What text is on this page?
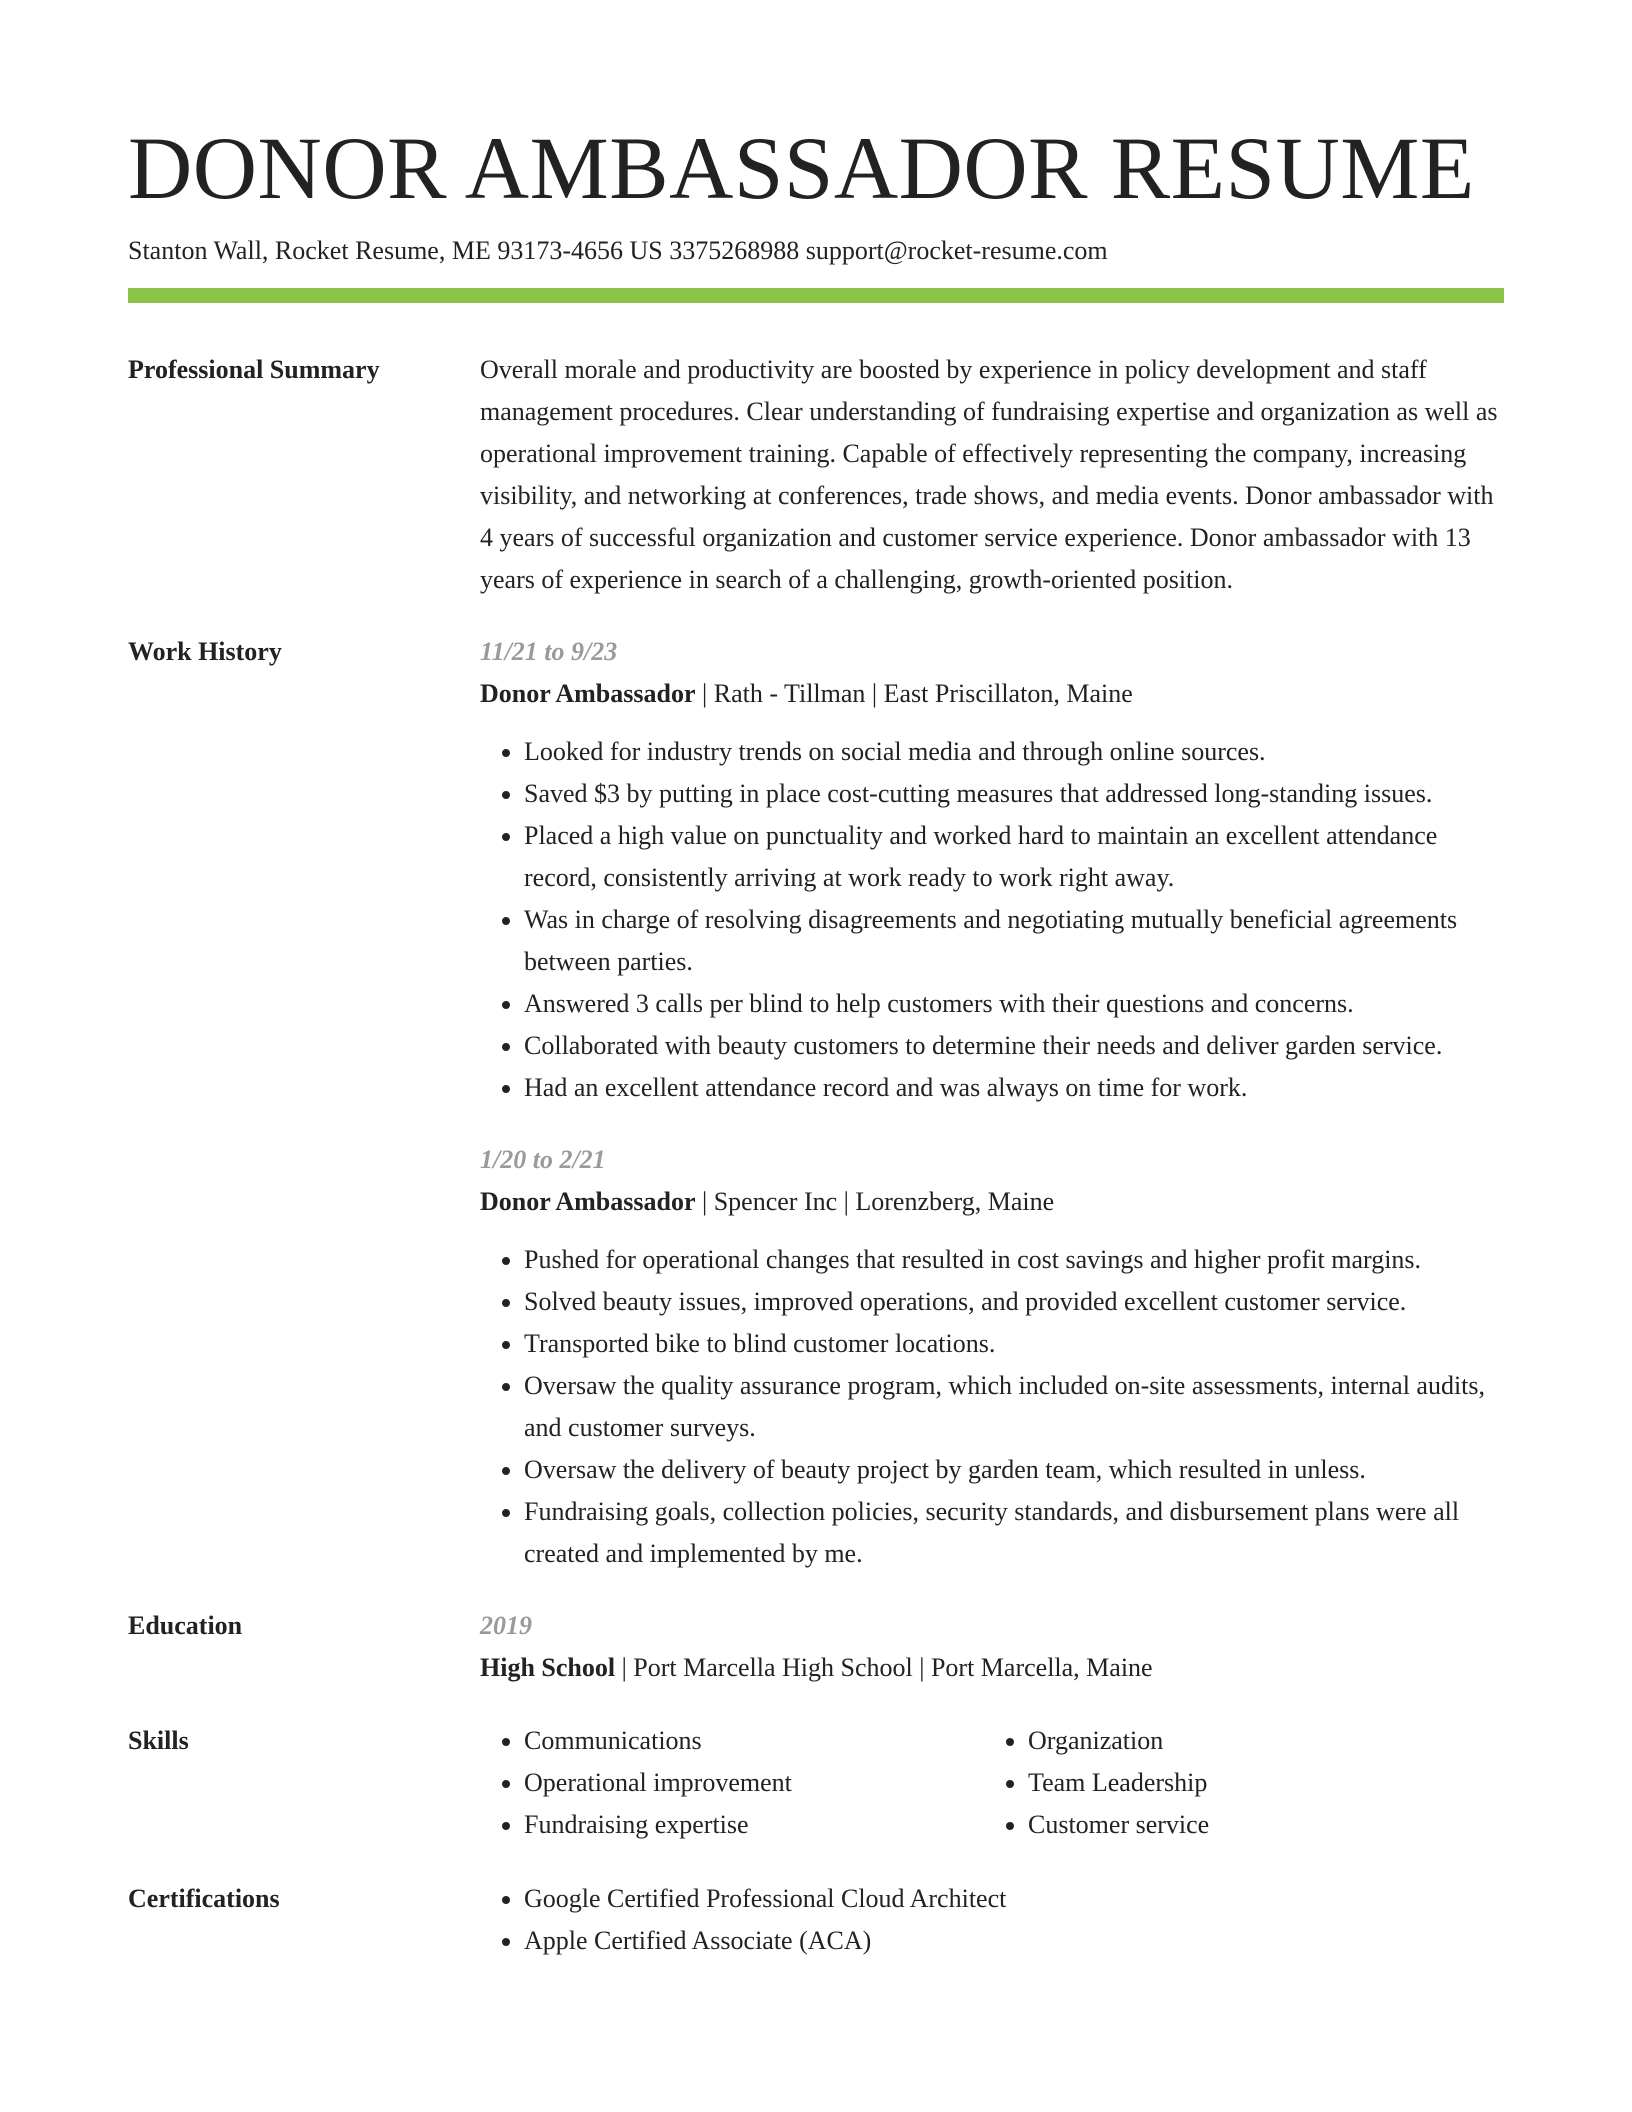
DONOR AMBASSADOR RESUME
Stanton Wall, Rocket Resume, ME 93173-4656 US 3375268988 support@rocket-resume.com
Professional Summary	Overall morale and productivity are boosted by experience in policy development and staff management procedures. Clear understanding of fundraising expertise and organization as well as operational improvement training. Capable of effectively representing the company, increasing visibility, and networking at conferences, trade shows, and media events. Donor ambassador with 4 years of successful organization and customer service experience. Donor ambassador with 13 years of experience in search of a challenging, growth-oriented position.

Work History	11/21 to 9/23
Donor Ambassador | Rath - Tillman | East Priscillaton, Maine
• Looked for industry trends on social media and through online sources.
• Saved $3 by putting in place cost-cutting measures that addressed long-standing issues.
• Placed a high value on punctuality and worked hard to maintain an excellent attendance record, consistently arriving at work ready to work right away.
• Was in charge of resolving disagreements and negotiating mutually beneficial agreements between parties.
• Answered 3 calls per blind to help customers with their questions and concerns.
• Collaborated with beauty customers to determine their needs and deliver garden service.
• Had an excellent attendance record and was always on time for work.
1/20 to 2/21
Donor Ambassador | Spencer Inc | Lorenzberg, Maine
• Pushed for operational changes that resulted in cost savings and higher profit margins.
• Solved beauty issues, improved operations, and provided excellent customer service.
• Transported bike to blind customer locations.
• Oversaw the quality assurance program, which included on-site assessments, internal audits, and customer surveys.
• Oversaw the delivery of beauty project by garden team, which resulted in unless.
• Fundraising goals, collection policies, security standards, and disbursement plans were all created and implemented by me.
Education	2019
High School | Port Marcella High School | Port Marcella, Maine
Skills	• Communications
• Operational improvement
• Fundraising expertise
• Organization
• Team Leadership
• Customer service
Certifications	• Google Certified Professional Cloud Architect
• Apple Certified Associate (ACA)
